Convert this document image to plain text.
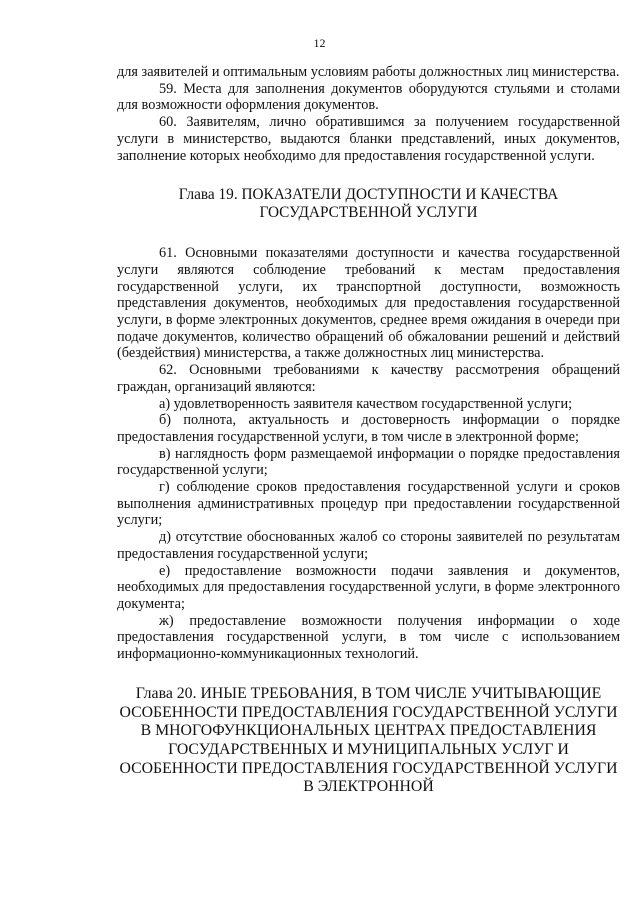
12

для заявителей и оптимальным условиям работы должностных лиц министерства.

59. Места для заполнения документов оборудуются стульями и столами для возможности оформления документов.

60. Заявителям, лично обратившимся за получением государственной услуги в министерство, выдаются бланки представлений, иных документов, заполнение которых необходимо для предоставления государственной услуги.

Глава 19. ПОКАЗАТЕЛИ ДОСТУПНОСТИ И КАЧЕСТВА ГОСУДАРСТВЕННОЙ УСЛУГИ

61. Основными показателями доступности и качества государственной услуги являются соблюдение требований к местам предоставления государственной услуги, их транспортной доступности, возможность представления документов, необходимых для предоставления государственной услуги, в форме электронных документов, среднее время ожидания в очереди при подаче документов, количество обращений об обжаловании решений и действий (бездействия) министерства, а также должностных лиц министерства.

62. Основными требованиями к качеству рассмотрения обращений граждан, организаций являются:

а) удовлетворенность заявителя качеством государственной услуги;

б) полнота, актуальность и достоверность информации о порядке предоставления государственной услуги, в том числе в электронной форме;

в) наглядность форм размещаемой информации о порядке предоставления государственной услуги;

г) соблюдение сроков предоставления государственной услуги и сроков выполнения административных процедур при предоставлении государственной услуги;

д) отсутствие обоснованных жалоб со стороны заявителей по результатам предоставления государственной услуги;

е) предоставление возможности подачи заявления и документов, необходимых для предоставления государственной услуги, в форме электронного документа;

ж) предоставление возможности получения информации о ходе предоставления государственной услуги, в том числе с использованием информационно-коммуникационных технологий.

Глава 20. ИНЫЕ ТРЕБОВАНИЯ, В ТОМ ЧИСЛЕ УЧИТЫВАЮЩИЕ ОСОБЕННОСТИ ПРЕДОСТАВЛЕНИЯ ГОСУДАРСТВЕННОЙ УСЛУГИ В МНОГОФУНКЦИОНАЛЬНЫХ ЦЕНТРАХ ПРЕДОСТАВЛЕНИЯ ГОСУДАРСТВЕННЫХ И МУНИЦИПАЛЬНЫХ УСЛУГ И ОСОБЕННОСТИ ПРЕДОСТАВЛЕНИЯ ГОСУДАРСТВЕННОЙ УСЛУГИ В ЭЛЕКТРОННОЙ
